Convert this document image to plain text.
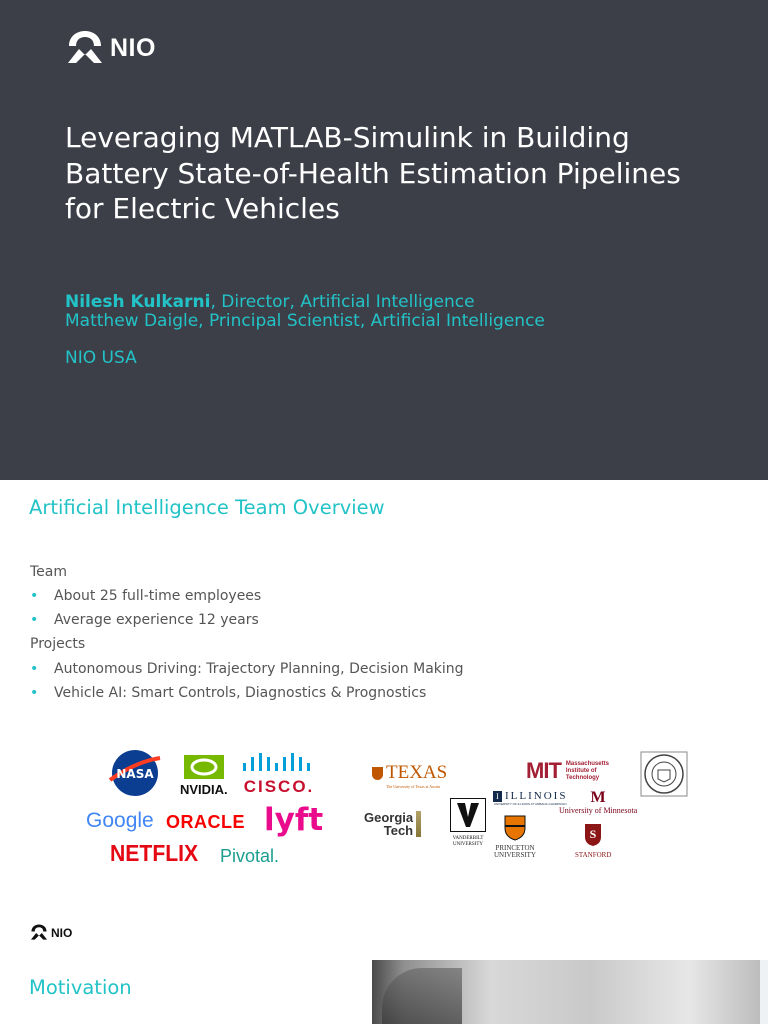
NIO
Leveraging MATLAB-Simulink in Building Battery State-of-Health Estimation Pipelines for Electric Vehicles
Nilesh Kulkarni, Director, Artificial Intelligence
Matthew Daigle, Principal Scientist, Artificial Intelligence
NIO USA
Artificial Intelligence Team Overview
Team
• About 25 full-time employees
• Average experience 12 years
Projects
• Autonomous Driving: Trajectory Planning, Decision Making
• Vehicle AI: Smart Controls, Diagnostics & Prognostics
NASA
NVIDIA. CISCO.
Google ORACLE lyft
NETFLIX Pivotal.
TEXAS
The University of Texas at Austin
MIT Massachusetts
Institute of
Technology
I ILLINOIS
UNIVERSITY OF ILLINOIS AT URBANA-CHAMPAIGN	M
University of Minnesota
Georgia
Tech
VANDERBILT
UNIVERSITY	PRINCETON
UNIVERSITY
S
STANFORD
NIO
Motivation
